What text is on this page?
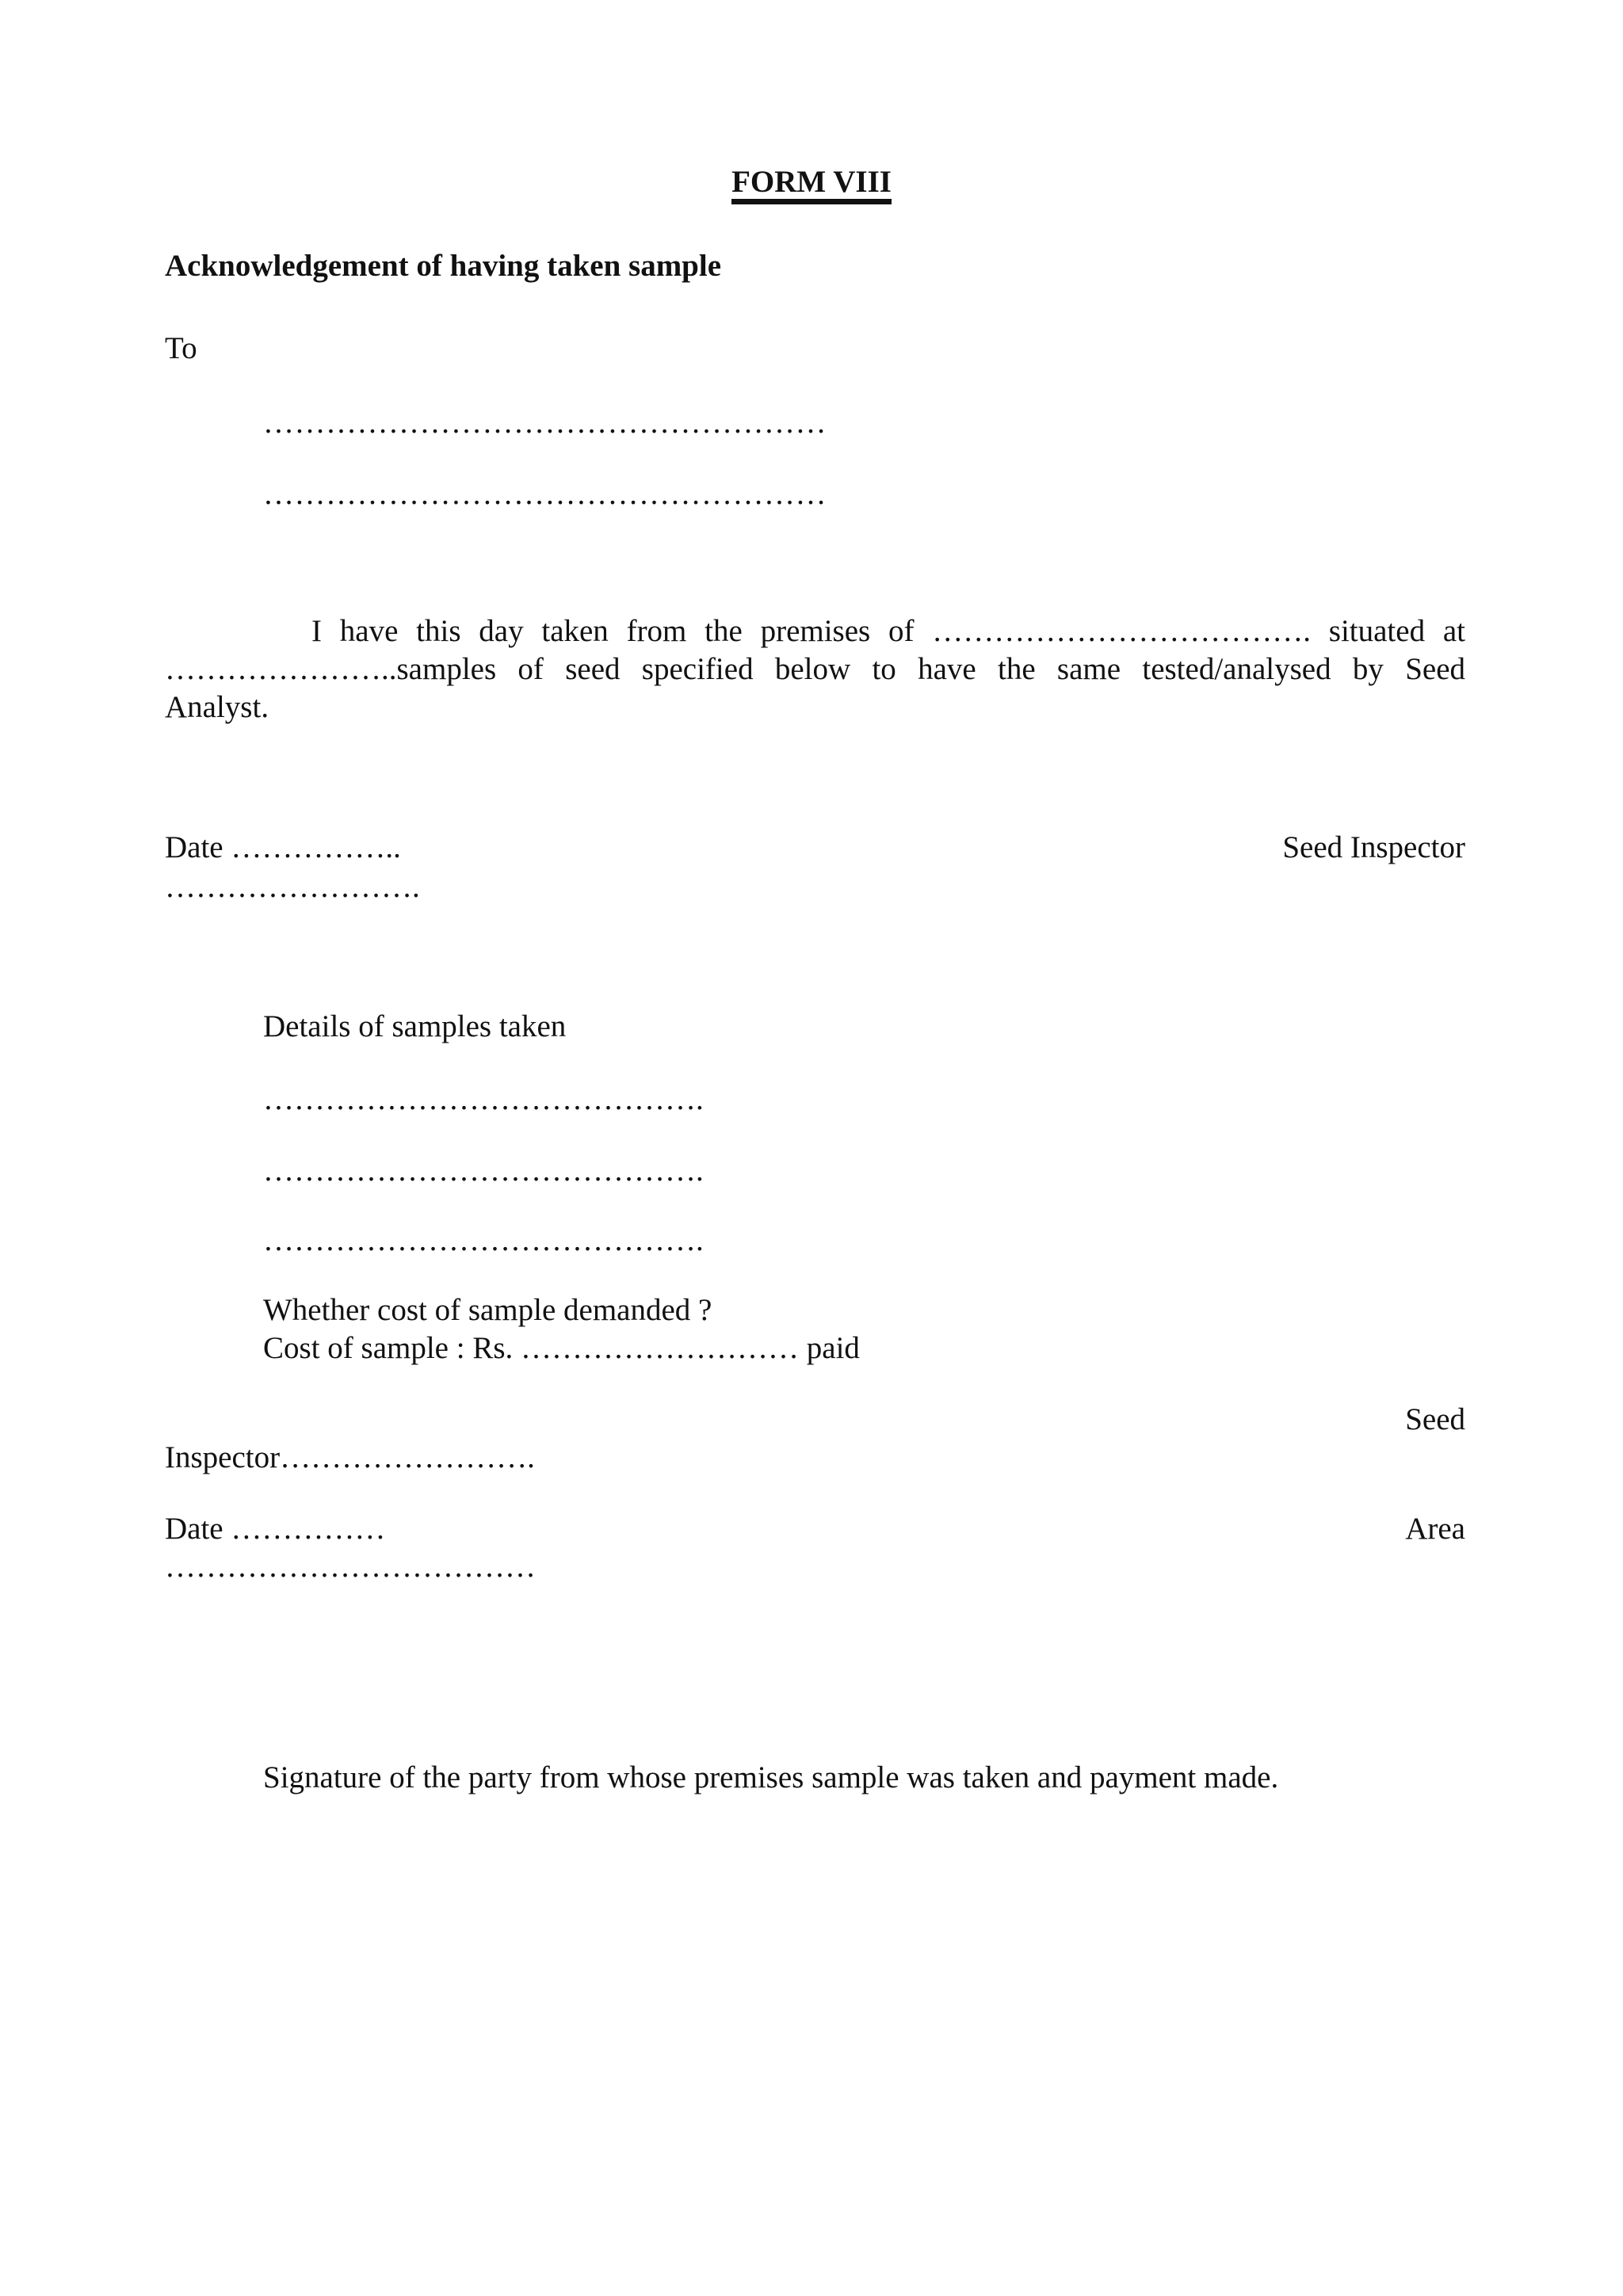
FORM VIII
Acknowledgement of having taken sample
To
………………………………………………
………………………………………………
I have this day taken from the premises of ………………………………. situated at
…………………..samples of seed specified below to have the same tested/analysed by Seed
Analyst.
Date ……………..	Seed Inspector
…………………….
Details of samples taken
…………………………………….
…………………………………….
…………………………………….
Whether cost of sample demanded ?
Cost of sample : Rs. ……………………… paid
Seed
Inspector…………………….
Date ……………	Area
………………………………
Signature of the party from whose premises sample was taken and payment made.
